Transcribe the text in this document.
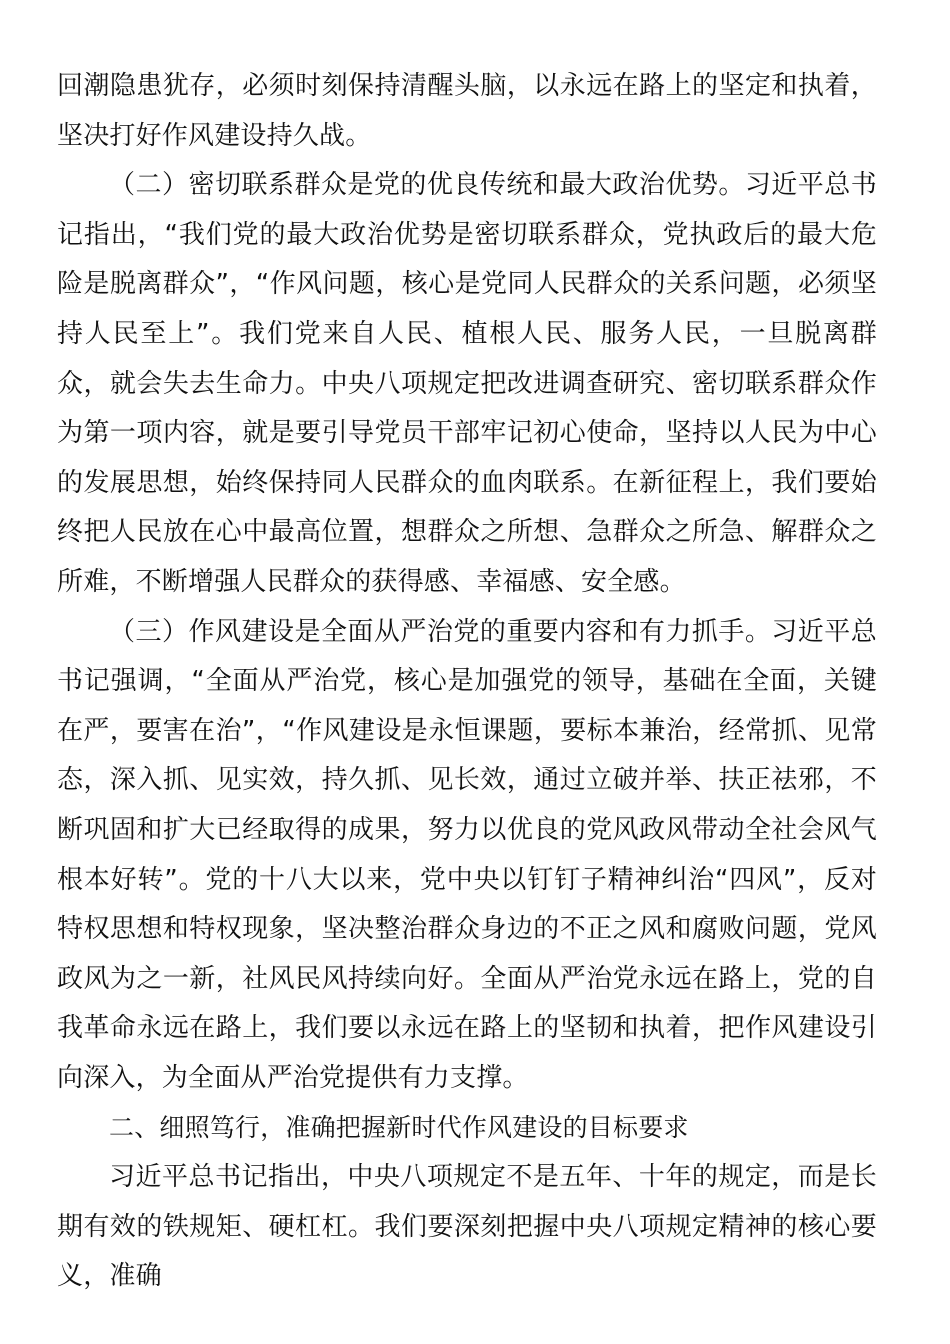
回潮隐患犹存，必须时刻保持清醒头脑，以永远在路上的坚定和执着，坚决打好作风建设持久战。

（二）密切联系群众是党的优良传统和最大政治优势。习近平总书记指出，“我们党的最大政治优势是密切联系群众，党执政后的最大危险是脱离群众”，“作风问题，核心是党同人民群众的关系问题，必须坚持人民至上”。我们党来自人民、植根人民、服务人民，一旦脱离群众，就会失去生命力。中央八项规定把改进调查研究、密切联系群众作为第一项内容，就是要引导党员干部牢记初心使命，坚持以人民为中心的发展思想，始终保持同人民群众的血肉联系。在新征程上，我们要始终把人民放在心中最高位置，想群众之所想、急群众之所急、解群众之所难，不断增强人民群众的获得感、幸福感、安全感。

（三）作风建设是全面从严治党的重要内容和有力抓手。习近平总书记强调，“全面从严治党，核心是加强党的领导，基础在全面，关键在严，要害在治”，“作风建设是永恒课题，要标本兼治，经常抓、见常态，深入抓、见实效，持久抓、见长效，通过立破并举、扶正祛邪，不断巩固和扩大已经取得的成果，努力以优良的党风政风带动全社会风气根本好转”。党的十八大以来，党中央以钉钉子精神纠治“四风”，反对特权思想和特权现象，坚决整治群众身边的不正之风和腐败问题，党风政风为之一新，社风民风持续向好。全面从严治党永远在路上，党的自我革命永远在路上，我们要以永远在路上的坚韧和执着，把作风建设引向深入，为全面从严治党提供有力支撑。

二、细照笃行，准确把握新时代作风建设的目标要求

习近平总书记指出，中央八项规定不是五年、十年的规定，而是长期有效的铁规矩、硬杠杠。我们要深刻把握中央八项规定精神的核心要义，准确
